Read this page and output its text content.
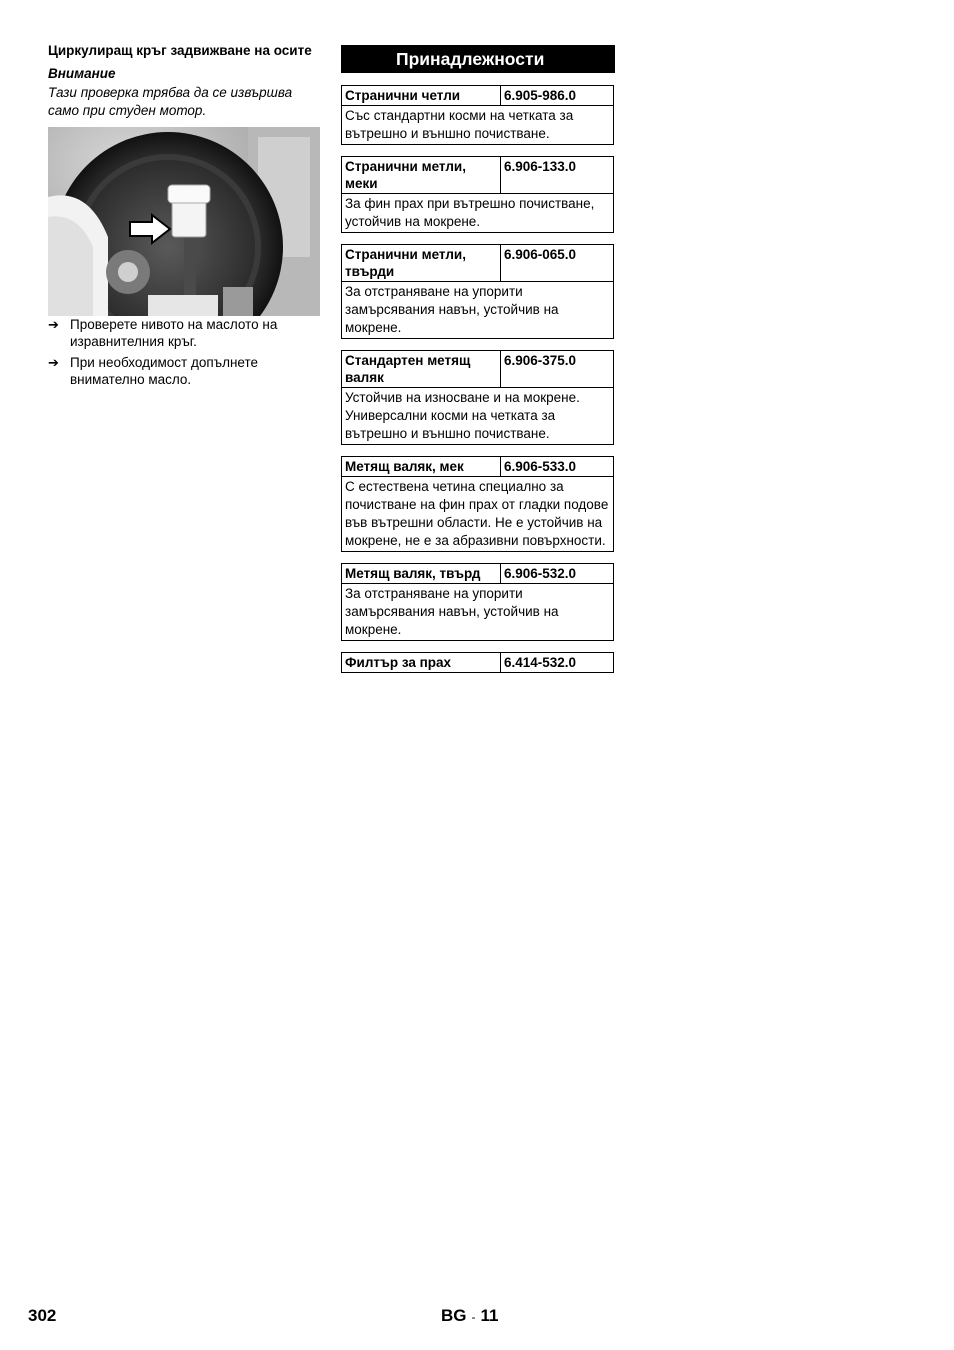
Циркулиращ кръг задвижване на осите

Внимание
Тази проверка трябва да се извършва само при студен мотор.
➔ Проверете нивото на маслото на изравнителния кръг.
➔ При необходимост допълнете внимателно масло.
Принадлежности
Странични четли	6.905-986.0
Със стандартни косми на четката за вътрешно и външно почистване.
Странични метли, меки	6.906-133.0
За фин прах при вътрешно почистване, устойчив на мокрене.
Странични метли, твърди	6.906-065.0
За отстраняване на упорити замърсявания навън, устойчив на мокрене.
Стандартен метящ валяк	6.906-375.0
Устойчив на износване и на мокрене. Универсални косми на четката за вътрешно и външно почистване.
Метящ валяк, мек	6.906-533.0
С естествена четина специално за почистване на фин прах от гладки подове във вътрешни области. Не е устойчив на мокрене, не е за абразивни повърхности.
Метящ валяк, твърд	6.906-532.0
За отстраняване на упорити замърсявания навън, устойчив на мокрене.
Филтър за прах	6.414-532.0
302	BG - 11
